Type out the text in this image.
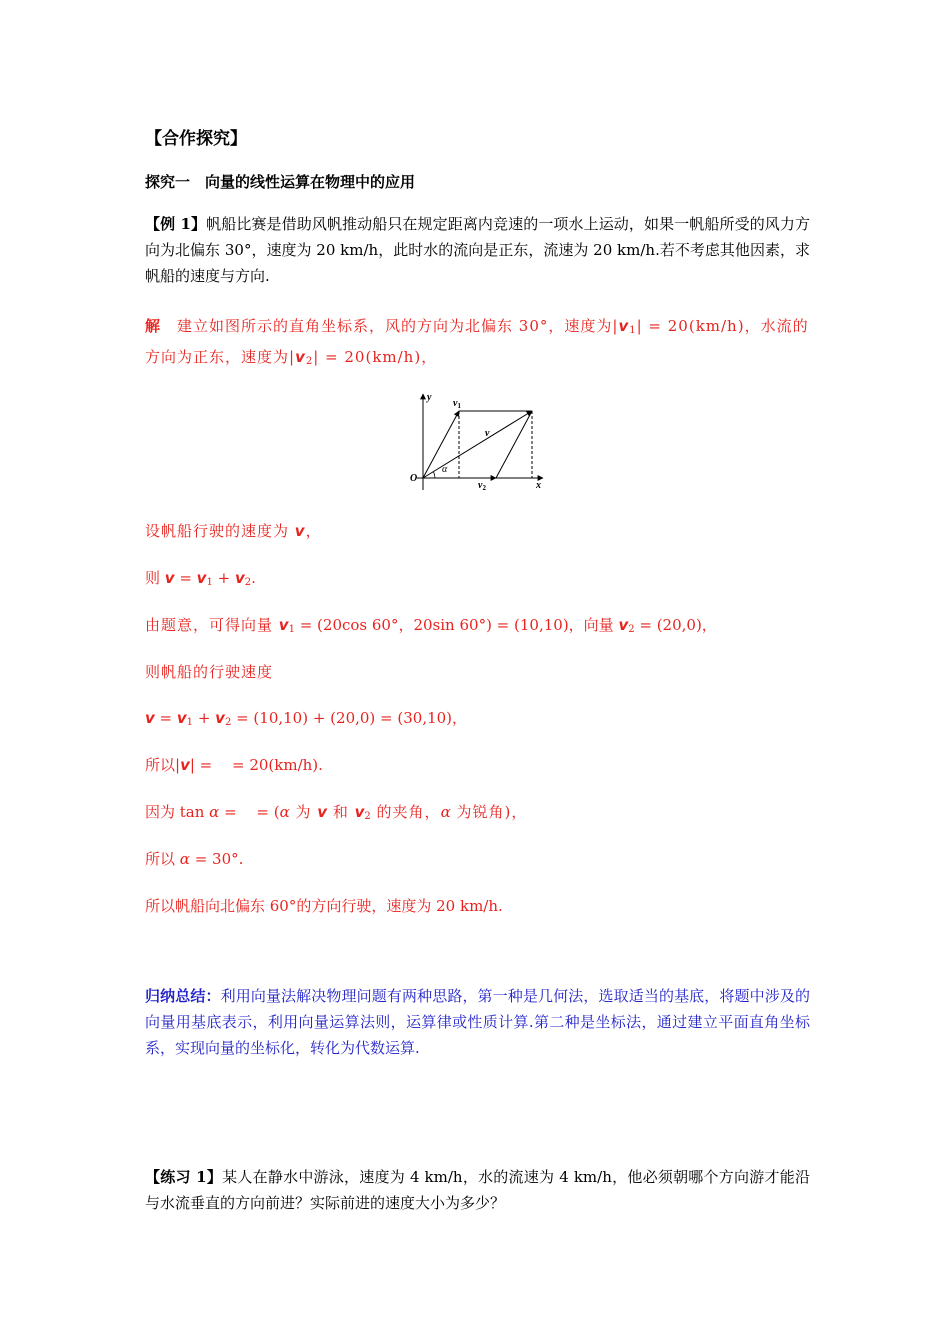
【合作探究】
探究一　向量的线性运算在物理中的应用
【例 1】帆船比赛是借助风帆推动船只在规定距离内竞速的一项水上运动，如果一帆船所受的风力方向为北偏东 30°，速度为 20 km/h，此时水的流向是正东，流速为 20 km/h.若不考虑其他因素，求帆船的速度与方向.
解　建立如图所示的直角坐标系，风的方向为北偏东 30°，速度为$|v_1| = 20(km/h)$，水流的
方向为正东，速度为$|v_2| = 20(km/h)$，
y
x
O
$v_1$
v
$v_2$
α
设帆船行驶的速度为 v，
则 $v = v_1 + v_2$.
由题意，可得向量 $v_1 = (20\cos$ 60°，20sin 60°) = (10,10)，向量 $v_2 = (20,0)$，
则帆船的行驶速度
$v = v_1 + v_2 = (10,10) + (20,0) = (30,10)$，
所以|v| = 　= 20(km/h).
因为 tan α = 　= (α 为 v 和 $v_2$ 的夹角，α 为锐角)，
所以 α = 30°.
所以帆船向北偏东 60°的方向行驶，速度为 20 km/h.
归纳总结：利用向量法解决物理问题有两种思路，第一种是几何法，选取适当的基底，将题中涉及的向量用基底表示，利用向量运算法则，运算律或性质计算.第二种是坐标法，通过建立平面直角坐标系，实现向量的坐标化，转化为代数运算.
【练习 1】某人在静水中游泳，速度为 4 km/h，水的流速为 4 km/h，他必须朝哪个方向游才能沿与水流垂直的方向前进？实际前进的速度大小为多少？
